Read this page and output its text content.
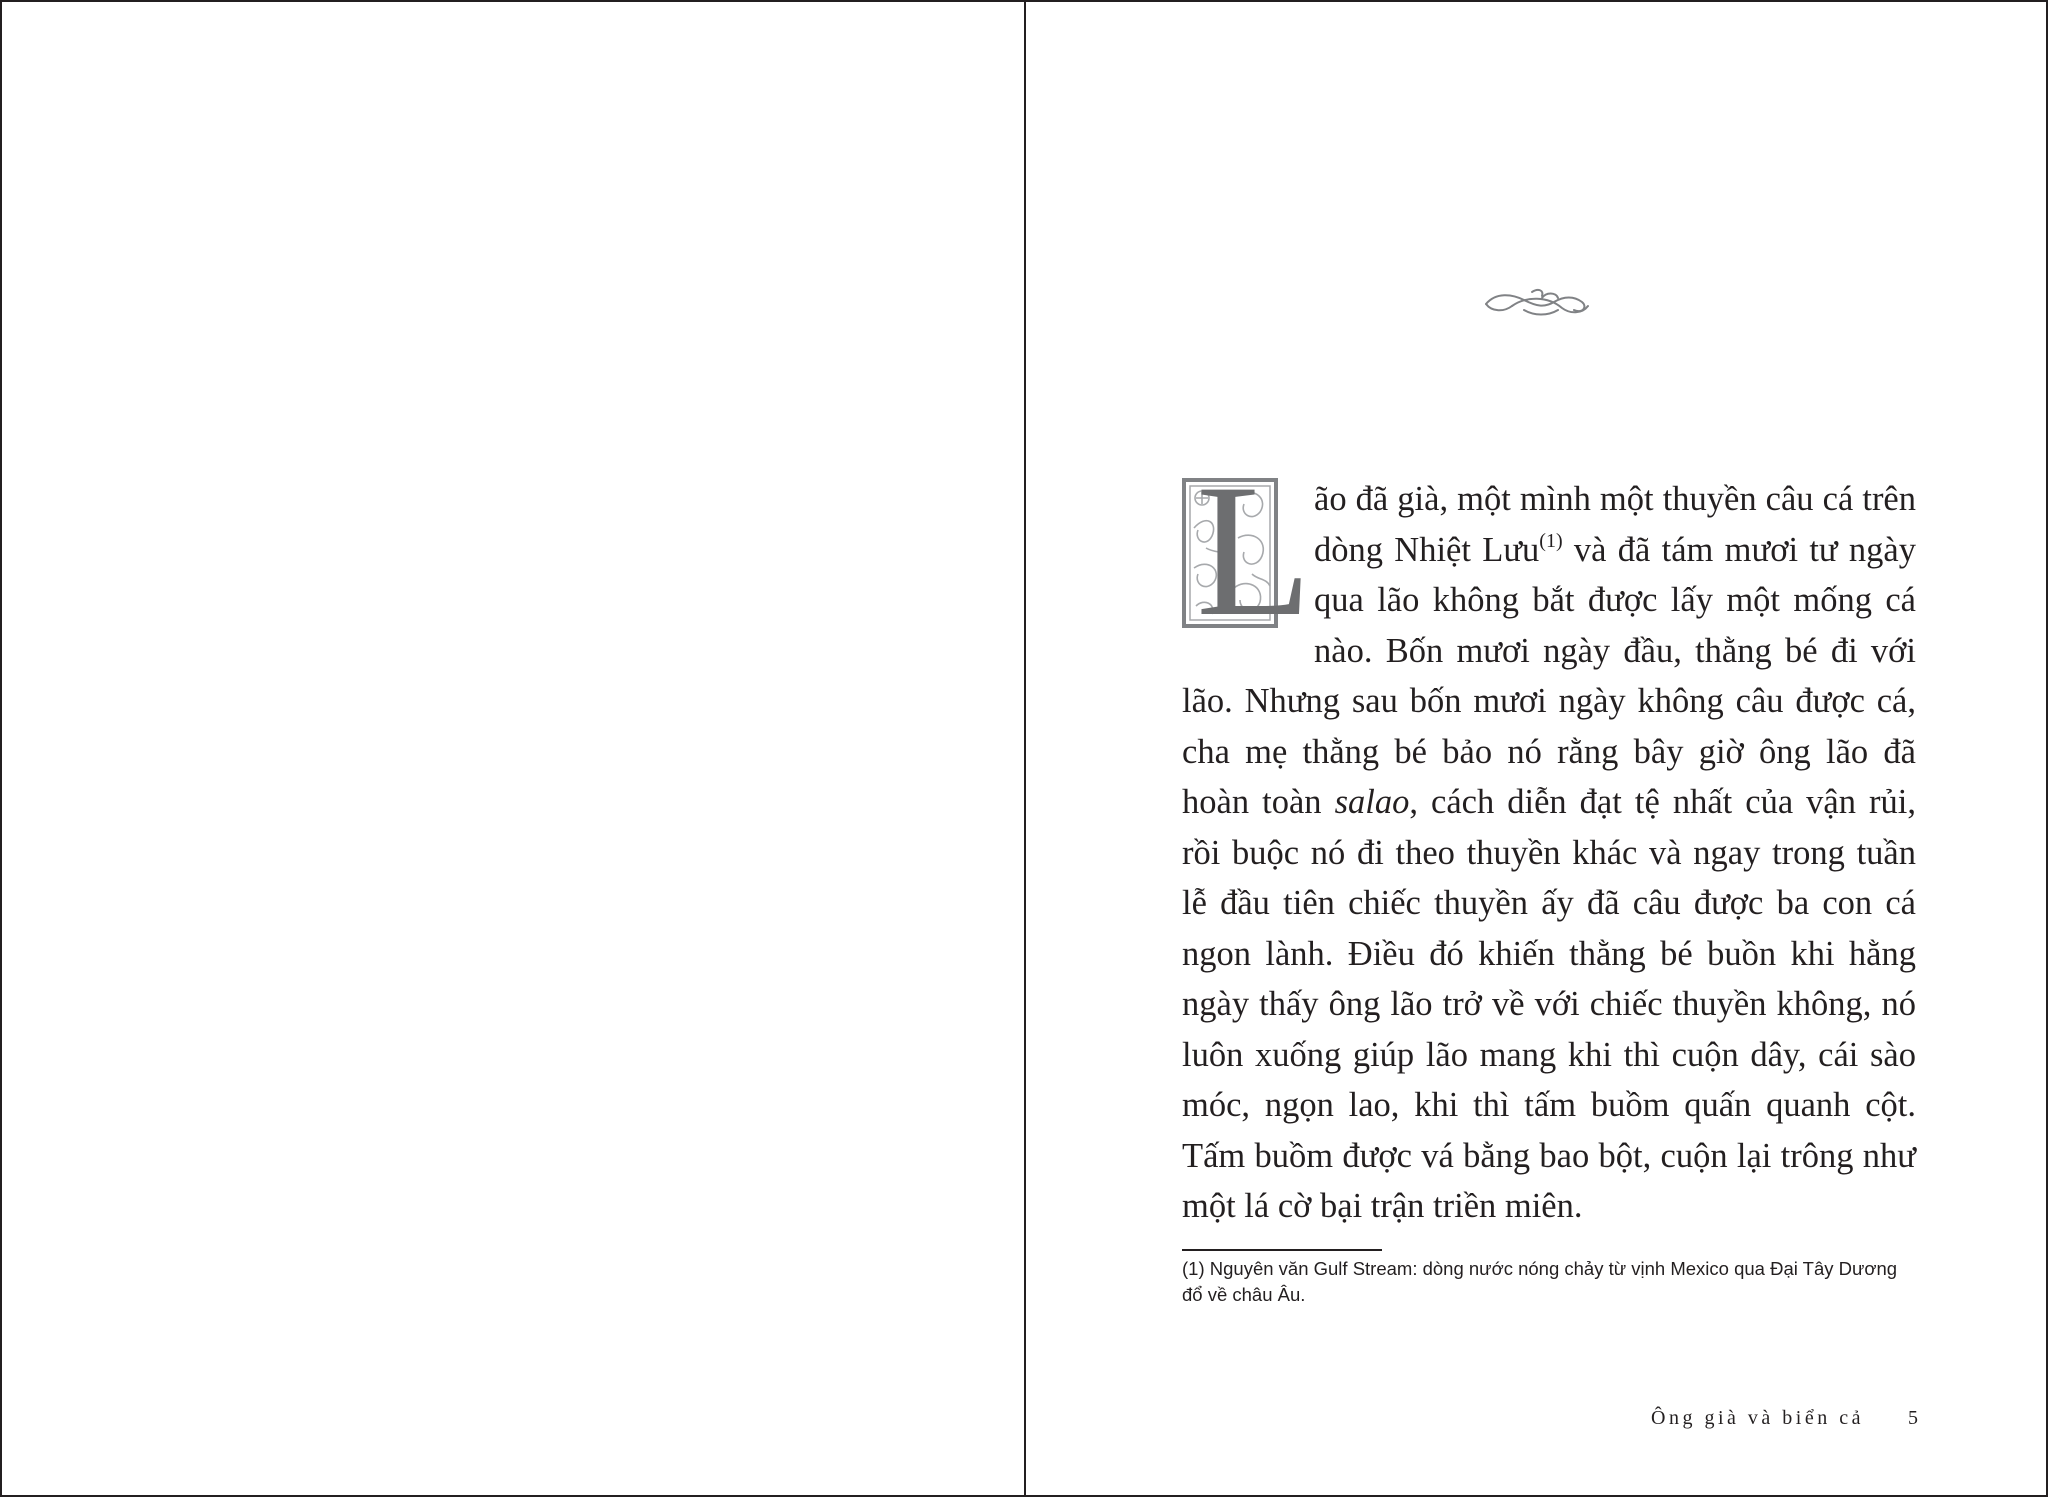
L ão đã già, một mình một thuyền câu cá trên dòng Nhiệt Lưu$^{(1)}$ và đã tám mươi tư ngày qua lão không bắt được lấy một mống cá nào. Bốn mươi ngày đầu, thằng bé đi với lão. Nhưng sau bốn mươi ngày không câu được cá, cha mẹ thằng bé bảo nó rằng bây giờ ông lão đã hoàn toàn salao, cách diễn đạt tệ nhất của vận rủi, rồi buộc nó đi theo thuyền khác và ngay trong tuần lễ đầu tiên chiếc thuyền ấy đã câu được ba con cá ngon lành. Điều đó khiến thằng bé buồn khi hằng ngày thấy ông lão trở về với chiếc thuyền không, nó luôn xuống giúp lão mang khi thì cuộn dây, cái sào móc, ngọn lao, khi thì tấm buồm quấn quanh cột. Tấm buồm được vá bằng bao bột, cuộn lại trông như một lá cờ bại trận triền miên.

(1) Nguyên văn Gulf Stream: dòng nước nóng chảy từ vịnh Mexico qua Đại Tây Dương đổ về châu Âu.

Ông già và biển cả 5
